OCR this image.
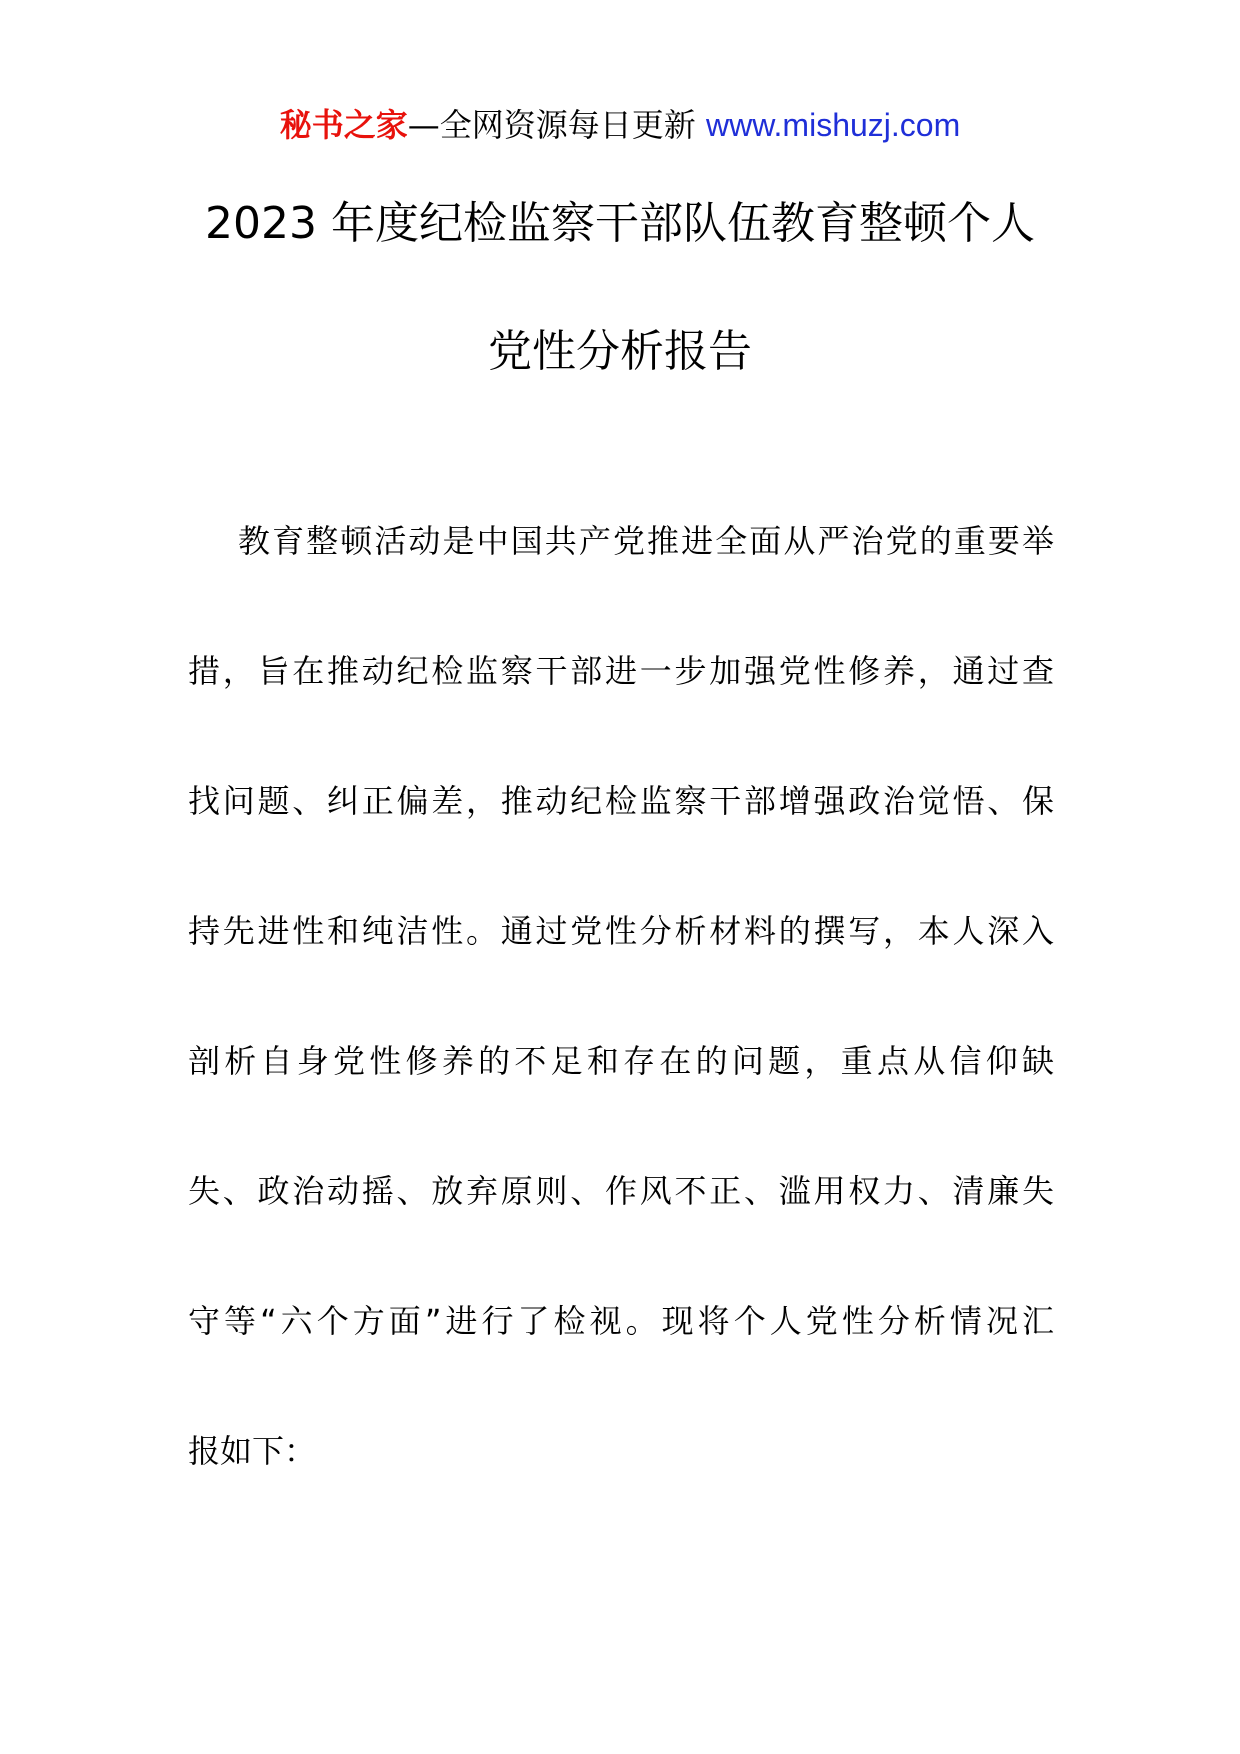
秘书之家—全网资源每日更新 www.mishuzj.com
2023 年度纪检监察干部队伍教育整顿个人
党性分析报告
教育整顿活动是中国共产党推进全面从严治党的重要举
措，旨在推动纪检监察干部进一步加强党性修养，通过查
找问题、纠正偏差，推动纪检监察干部增强政治觉悟、保
持先进性和纯洁性。通过党性分析材料的撰写，本人深入
剖析自身党性修养的不足和存在的问题，重点从信仰缺
失、政治动摇、放弃原则、作风不正、滥用权力、清廉失
守等“六个方面”进行了检视。现将个人党性分析情况汇
报如下：
